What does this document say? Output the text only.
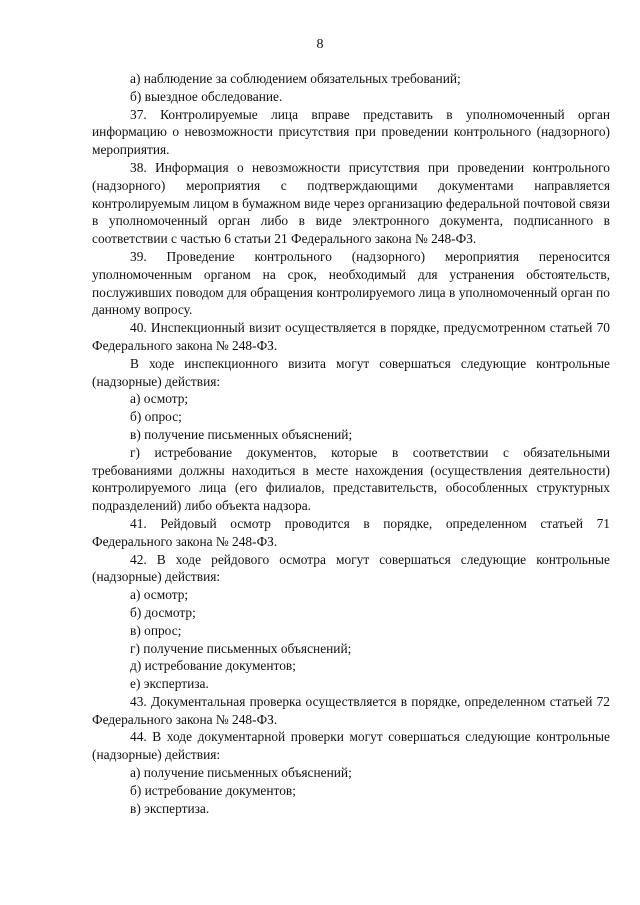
8

а) наблюдение за соблюдением обязательных требований;

б) выездное обследование.

37. Контролируемые лица вправе представить в уполномоченный орган информацию о невозможности присутствия при проведении контрольного (надзорного) мероприятия.

38. Информация о невозможности присутствия при проведении контрольного (надзорного) мероприятия с подтверждающими документами направляется контролируемым лицом в бумажном виде через организацию федеральной почтовой связи в уполномоченный орган либо в виде электронного документа, подписанного в соответствии с частью 6 статьи 21 Федерального закона № 248-ФЗ.

39. Проведение контрольного (надзорного) мероприятия переносится уполномоченным органом на срок, необходимый для устранения обстоятельств, послуживших поводом для обращения контролируемого лица в уполномоченный орган по данному вопросу.

40. Инспекционный визит осуществляется в порядке, предусмотренном статьей 70 Федерального закона № 248-ФЗ.

В ходе инспекционного визита могут совершаться следующие контрольные (надзорные) действия:

а) осмотр;

б) опрос;

в) получение письменных объяснений;

г) истребование документов, которые в соответствии с обязательными требованиями должны находиться в месте нахождения (осуществления деятельности) контролируемого лица (его филиалов, представительств, обособленных структурных подразделений) либо объекта надзора.

41. Рейдовый осмотр проводится в порядке, определенном статьей 71 Федерального закона № 248-ФЗ.

42. В ходе рейдового осмотра могут совершаться следующие контрольные (надзорные) действия:

а) осмотр;

б) досмотр;

в) опрос;

г) получение письменных объяснений;

д) истребование документов;

е) экспертиза.

43. Документальная проверка осуществляется в порядке, определенном статьей 72 Федерального закона № 248-ФЗ.

44. В ходе документарной проверки могут совершаться следующие контрольные (надзорные) действия:

а) получение письменных объяснений;

б) истребование документов;

в) экспертиза.
